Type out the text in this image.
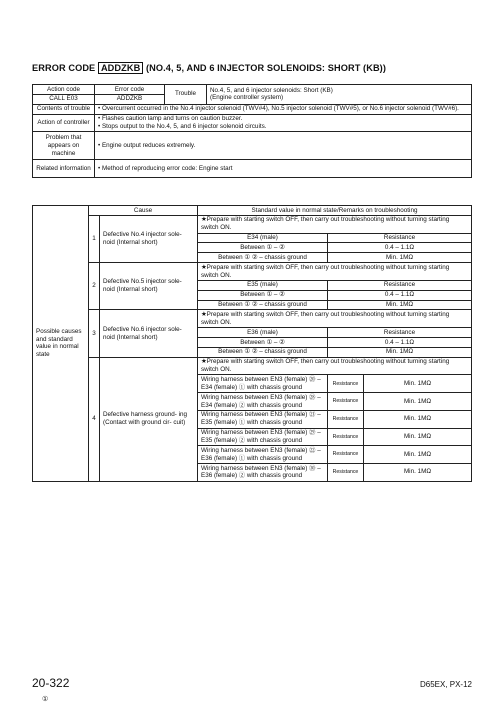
ERROR CODE ADDZKB (NO.4, 5, AND 6 INJECTOR SOLENOIDS: SHORT (KB))
Action code	Error code	Trouble	No.4, 5, and 6 injector solenoids: Short (KB)
(Engine controller system)

CALL E03	ADDZKB		
Contents of trouble	• Overcurrent occurred in the No.4 injector solenoid (TWV#4), No.5 injector solenoid (TWV#5), or No.6 injector solenoid (TWV#6).

Action of controller	• Flashes caution lamp and turns on caution buzzer.
• Stops output to the No.4, 5, and 6 injector solenoid circuits.

Problem that appears on machine	• Engine output reduces extremely.

Related information	• Method of reproducing error code: Engine start
Possible causes and standard value in normal state	Cause		Standard value in normal state/Remarks on troubleshooting		
	1	Defective No.4 injector sole- noid (Internal short)	★Prepare with starting switch OFF, then carry out troubleshooting without turning starting switch ON.		
			E34 (male)	Resistance	
			Between ① – ②	0.4 – 1.1Ω	
			Between ① ② – chassis ground	Min. 1MΩ	
	2	Defective No.5 injector sole- noid (Internal short)	★Prepare with starting switch OFF, then carry out troubleshooting without turning starting switch ON.		
			E35 (male)	Resistance	
			Between ① – ②	0.4 – 1.1Ω	
			Between ① ② – chassis ground	Min. 1MΩ	
	3	Defective No.6 injector sole- noid (Internal short)	★Prepare with starting switch OFF, then carry out troubleshooting without turning starting switch ON.		
			E36 (male)	Resistance	
			Between ① – ②	0.4 – 1.1Ω	
			Between ① ② – chassis ground	Min. 1MΩ	
	4	Defective harness ground- ing (Contact with ground cir- cuit)	★Prepare with starting switch OFF, then carry out troubleshooting without turning starting switch ON.		
			Wiring harness between EN3 (female) ⑳ – E34 (female) ① with chassis ground	Resistance	Min. 1MΩ
			Wiring harness between EN3 (female) ㉘ – E34 (female) ② with chassis ground	Resistance	Min. 1MΩ
			Wiring harness between EN3 (female) ㉑ – E35 (female) ① with chassis ground	Resistance	Min. 1MΩ
			Wiring harness between EN3 (female) ㉙ – E35 (female) ② with chassis ground	Resistance	Min. 1MΩ
			Wiring harness between EN3 (female) ㉒ – E36 (female) ① with chassis ground	Resistance	Min. 1MΩ
			Wiring harness between EN3 (female) ㉚ – E36 (female) ② with chassis ground	Resistance	Min. 1MΩ
20-322
①
D65EX, PX-12
